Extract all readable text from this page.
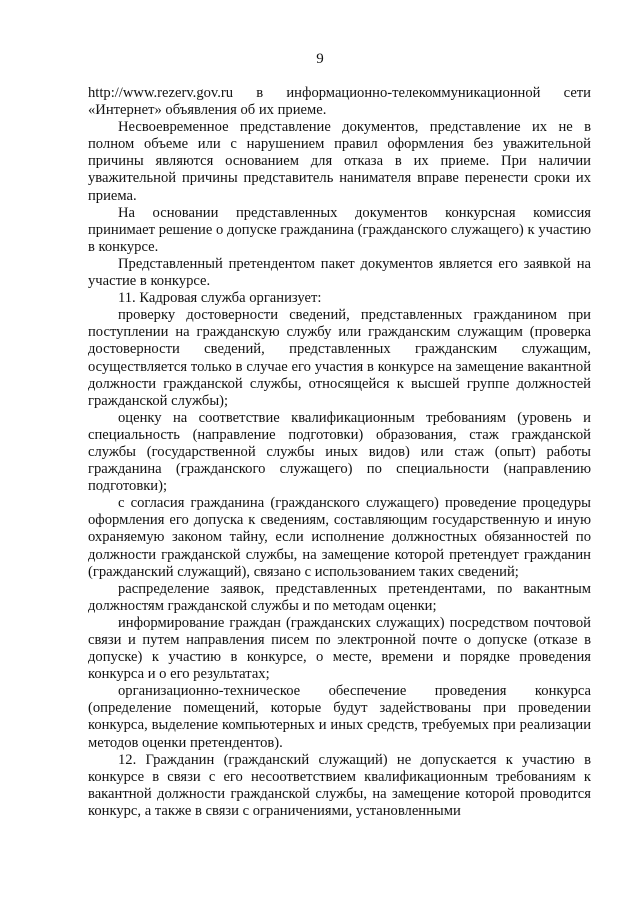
9

http://www.rezerv.gov.ru в информационно-телекоммуникационной сети «Интернет» объявления об их приеме.

Несвоевременное представление документов, представление их не в полном объеме или с нарушением правил оформления без уважительной причины являются основанием для отказа в их приеме. При наличии уважительной причины представитель нанимателя вправе перенести сроки их приема.

На основании представленных документов конкурсная комиссия принимает решение о допуске гражданина (гражданского служащего) к участию в конкурсе.

Представленный претендентом пакет документов является его заявкой на участие в конкурсе.

11. Кадровая служба организует:

проверку достоверности сведений, представленных гражданином при поступлении на гражданскую службу или гражданским служащим (проверка достоверности сведений, представленных гражданским служащим, осуществляется только в случае его участия в конкурсе на замещение вакантной должности гражданской службы, относящейся к высшей группе должностей гражданской службы);

оценку на соответствие квалификационным требованиям (уровень и специальность (направление подготовки) образования, стаж гражданской службы (государственной службы иных видов) или стаж (опыт) работы гражданина (гражданского служащего) по специальности (направлению подготовки);

с согласия гражданина (гражданского служащего) проведение процедуры оформления его допуска к сведениям, составляющим государственную и иную охраняемую законом тайну, если исполнение должностных обязанностей по должности гражданской службы, на замещение которой претендует гражданин (гражданский служащий), связано с использованием таких сведений;

распределение заявок, представленных претендентами, по вакантным должностям гражданской службы и по методам оценки;

информирование граждан (гражданских служащих) посредством почтовой связи и путем направления писем по электронной почте о допуске (отказе в допуске) к участию в конкурсе, о месте, времени и порядке проведения конкурса и о его результатах;

организационно-техническое обеспечение проведения конкурса (определение помещений, которые будут задействованы при проведении конкурса, выделение компьютерных и иных средств, требуемых при реализации методов оценки претендентов).

12. Гражданин (гражданский служащий) не допускается к участию в конкурсе в связи с его несоответствием квалификационным требованиям к вакантной должности гражданской службы, на замещение которой проводится конкурс, а также в связи с ограничениями, установленными
